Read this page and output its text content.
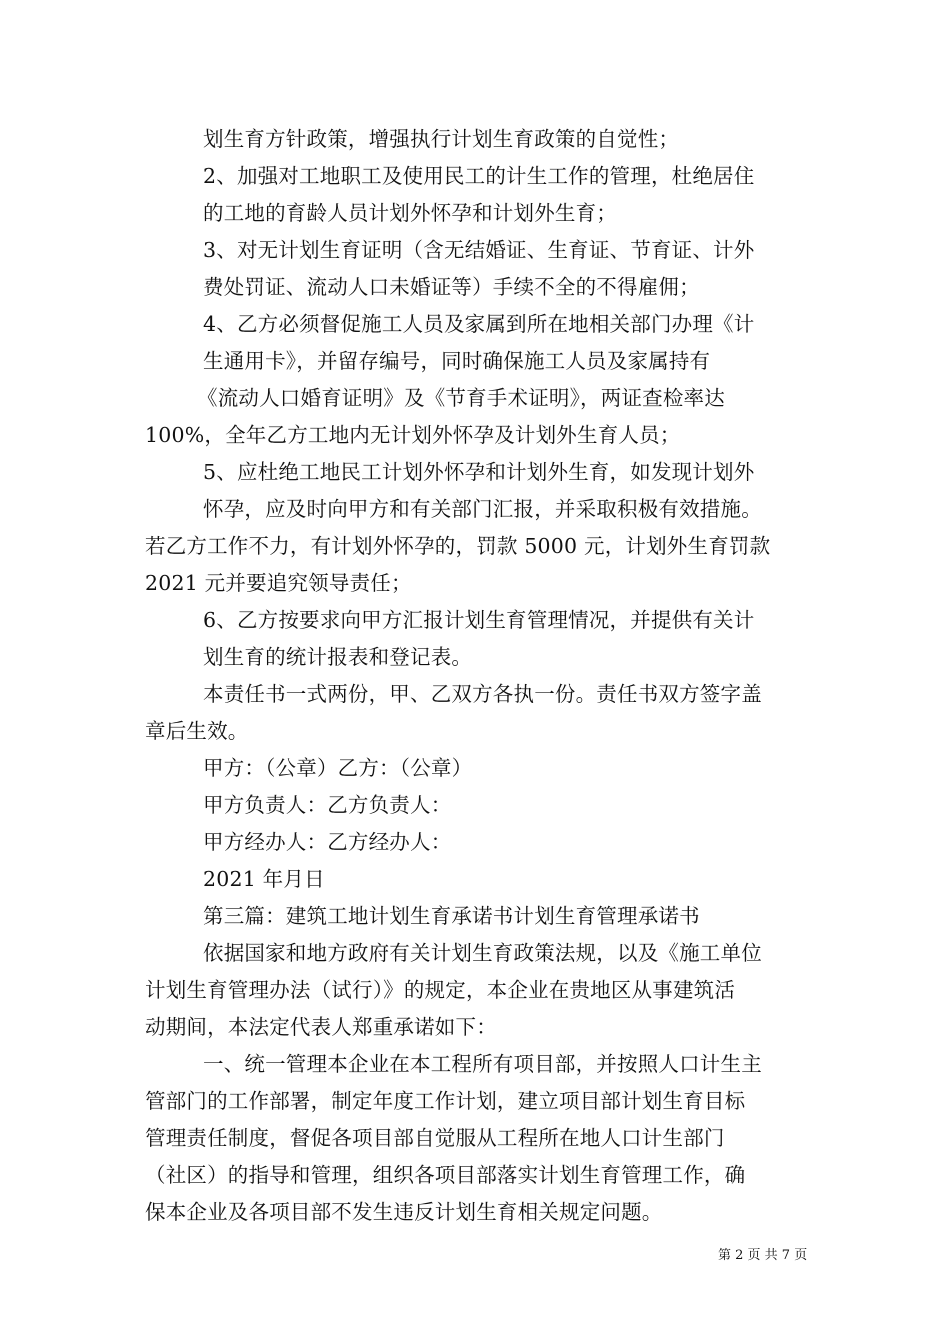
划生育方针政策，增强执行计划生育政策的自觉性；
2、加强对工地职工及使用民工的计生工作的管理，杜绝居住
的工地的育龄人员计划外怀孕和计划外生育；
3、对无计划生育证明（含无结婚证、生育证、节育证、计外
费处罚证、流动人口未婚证等）手续不全的不得雇佣；
4、乙方必须督促施工人员及家属到所在地相关部门办理《计
生通用卡》，并留存编号，同时确保施工人员及家属持有
《流动人口婚育证明》及《节育手术证明》，两证查检率达
100%，全年乙方工地内无计划外怀孕及计划外生育人员；
5、应杜绝工地民工计划外怀孕和计划外生育，如发现计划外
怀孕，应及时向甲方和有关部门汇报，并采取积极有效措施。
若乙方工作不力，有计划外怀孕的，罚款 5000 元，计划外生育罚款
2021 元并要追究领导责任；
6、乙方按要求向甲方汇报计划生育管理情况，并提供有关计
划生育的统计报表和登记表。
本责任书一式两份，甲、乙双方各执一份。责任书双方签字盖
章后生效。
甲方：（公章）乙方：（公章）
甲方负责人：乙方负责人：
甲方经办人：乙方经办人：
2021 年月日
第三篇：建筑工地计划生育承诺书计划生育管理承诺书
依据国家和地方政府有关计划生育政策法规，以及《施工单位
计划生育管理办法（试行）》的规定，本企业在贵地区从事建筑活
动期间，本法定代表人郑重承诺如下：
一、统一管理本企业在本工程所有项目部，并按照人口计生主
管部门的工作部署，制定年度工作计划，建立项目部计划生育目标
管理责任制度，督促各项目部自觉服从工程所在地人口计生部门
（社区）的指导和管理，组织各项目部落实计划生育管理工作，确
保本企业及各项目部不发生违反计划生育相关规定问题。
第 2 页 共 7 页
